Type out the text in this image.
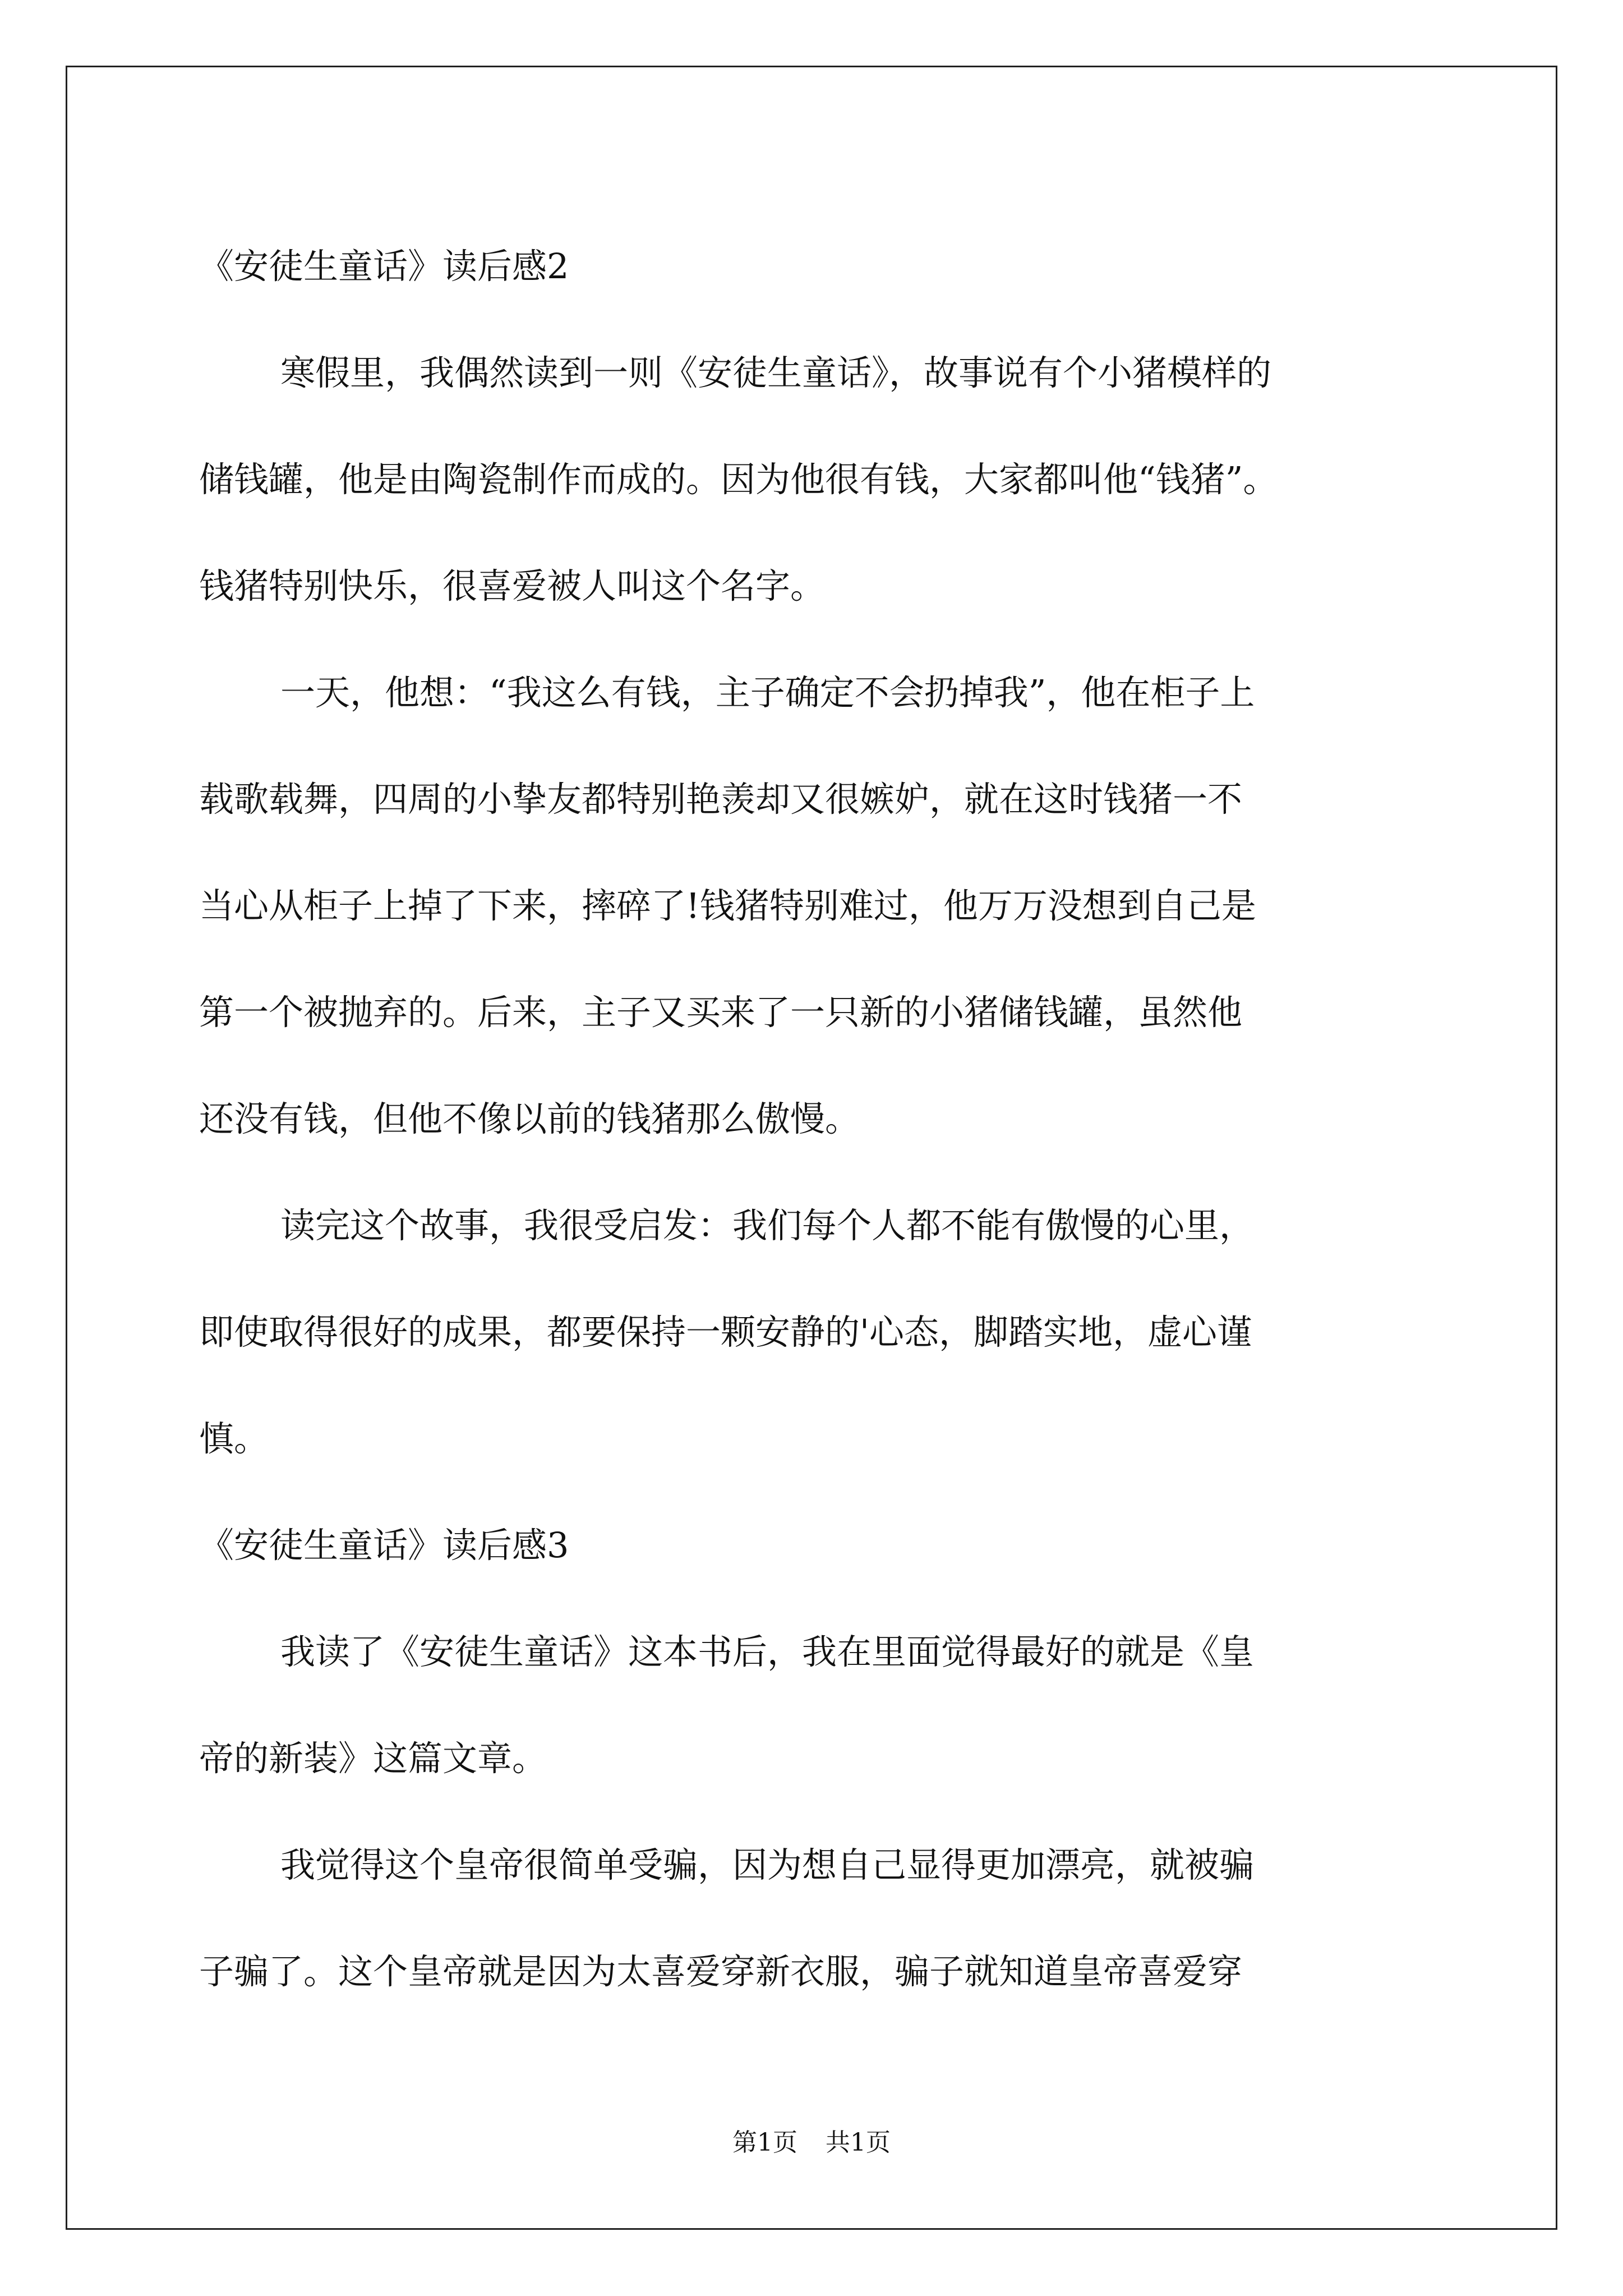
《安徒生童话》读后感2
寒假里，我偶然读到一则《安徒生童话》，故事说有个小猪模样的
储钱罐，他是由陶瓷制作而成的。因为他很有钱，大家都叫他“钱猪”。
钱猪特别快乐，很喜爱被人叫这个名字。
一天，他想：“我这么有钱，主子确定不会扔掉我”，他在柜子上
载歌载舞，四周的小挚友都特别艳羡却又很嫉妒，就在这时钱猪一不
当心从柜子上掉了下来，摔碎了!钱猪特别难过，他万万没想到自己是
第一个被抛弃的。后来，主子又买来了一只新的小猪储钱罐，虽然他
还没有钱，但他不像以前的钱猪那么傲慢。
读完这个故事，我很受启发：我们每个人都不能有傲慢的心里，
即使取得很好的成果，都要保持一颗安静的'心态，脚踏实地，虚心谨
慎。
《安徒生童话》读后感3
我读了《安徒生童话》这本书后，我在里面觉得最好的就是《皇
帝的新装》这篇文章。
我觉得这个皇帝很简单受骗，因为想自己显得更加漂亮，就被骗
子骗了。这个皇帝就是因为太喜爱穿新衣服，骗子就知道皇帝喜爱穿
第1页 共1页
